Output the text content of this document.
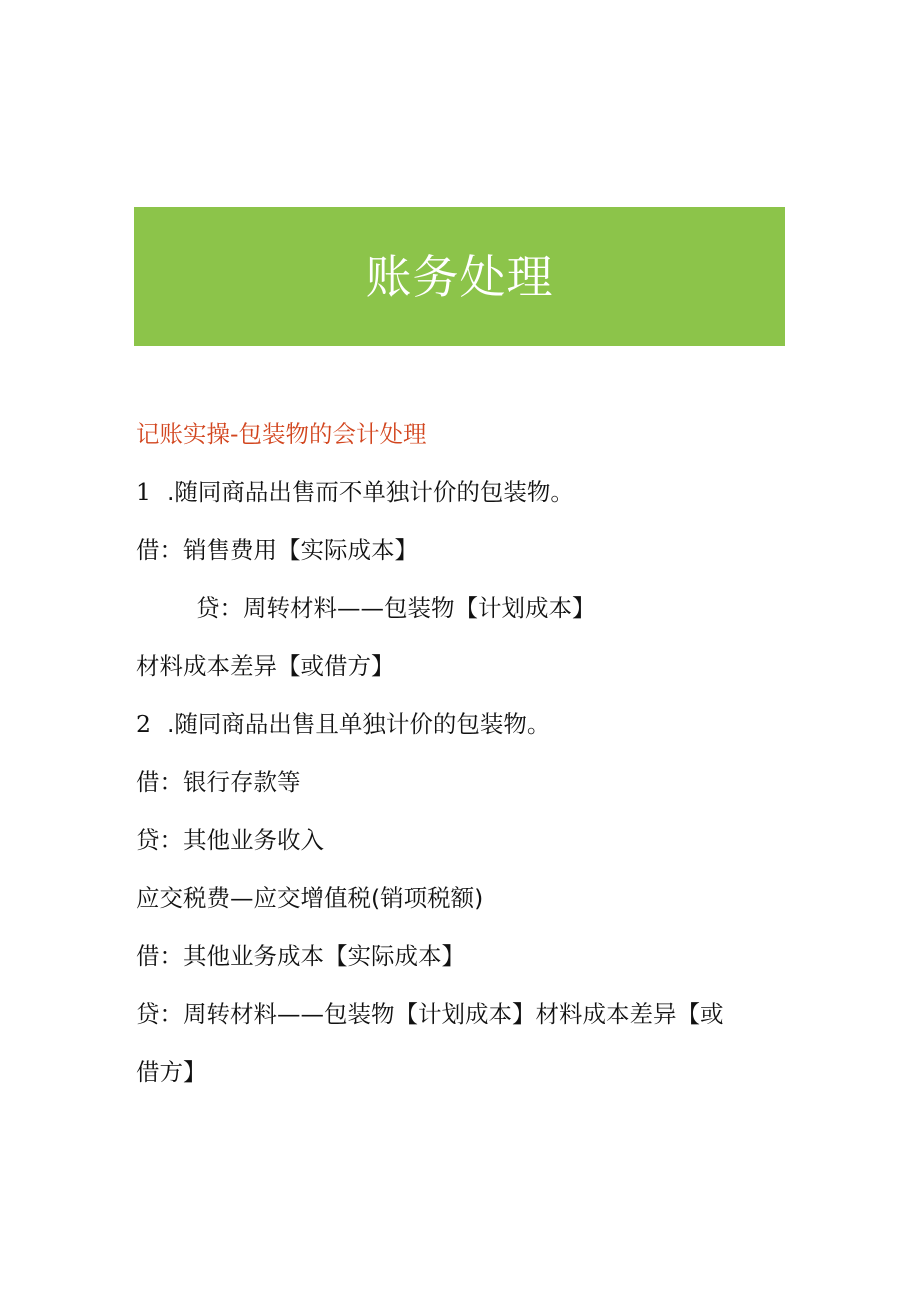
账务处理
记账实操-包装物的会计处理
1 .随同商品出售而不单独计价的包装物。
借：销售费用【实际成本】
贷：周转材料——包装物【计划成本】
材料成本差异【或借方】
2 .随同商品出售且单独计价的包装物。
借：银行存款等
贷：其他业务收入
应交税费—应交增值税(销项税额)
借：其他业务成本【实际成本】
贷：周转材料——包装物【计划成本】材料成本差异【或
借方】
